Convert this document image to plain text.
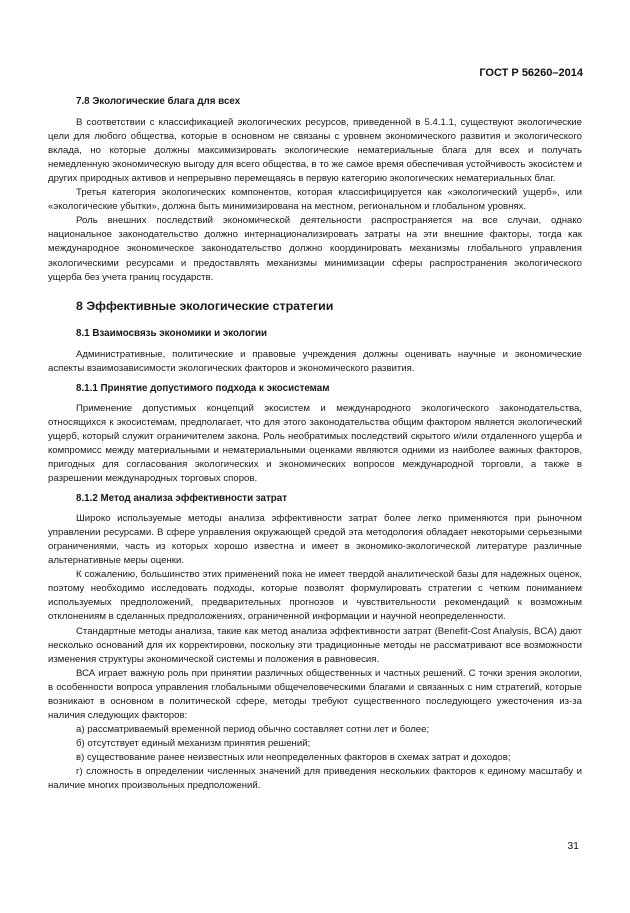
ГОСТ Р 56260–2014

7.8 Экологические блага для всех

В соответствии с классификацией экологических ресурсов, приведенной в 5.4.1.1, существуют экологические цели для любого общества, которые в основном не связаны с уровнем экономического развития и экологического вклада, но которые должны максимизировать экологические нематериальные блага для всех и получать немедленную экономическую выгоду для всего общества, в то же самое время обеспечивая устойчивость экосистем и других природных активов и непрерывно перемещаясь в первую категорию экологических нематериальных благ.

Третья категория экологических компонентов, которая классифицируется как «экологический ущерб», или «экологические убытки», должна быть минимизирована на местном, региональном и глобальном уровнях.

Роль внешних последствий экономической деятельности распространяется на все случаи, однако национальное законодательство должно интернационализировать затраты на эти внешние факторы, тогда как международное экономическое законодательство должно координировать механизмы глобального управления экологическими ресурсами и предоставлять механизмы минимизации сферы распространения экологического ущерба без учета границ государств.

8 Эффективные экологические стратегии

8.1 Взаимосвязь экономики и экологии

Административные, политические и правовые учреждения должны оценивать научные и экономические аспекты взаимозависимости экологических факторов и экономического развития.

8.1.1 Принятие допустимого подхода к экосистемам

Применение допустимых концепций экосистем и международного экологического законодательства, относящихся к экосистемам, предполагает, что для этого законодательства общим фактором является экологический ущерб, который служит ограничителем закона. Роль необратимых последствий скрытого и/или отдаленного ущерба и компромисс между материальными и нематериальными оценками являются одними из наиболее важных факторов, пригодных для согласования экологических и экономических вопросов международной торговли, а также в разрешении международных торговых споров.

8.1.2 Метод анализа эффективности затрат

Широко используемые методы анализа эффективности затрат более легко применяются при рыночном управлении ресурсами. В сфере управления окружающей средой эта методология обладает некоторыми серьезными ограничениями, часть из которых хорошо известна и имеет в экономико-экологической литературе различные альтернативные меры оценки.

К сожалению, большинство этих применений пока не имеет твердой аналитической базы для надежных оценок, поэтому необходимо исследовать подходы, которые позволят формулировать стратегии с четким пониманием используемых предположений, предварительных прогнозов и чувствительности рекомендаций к возможным отклонениям в сделанных предположениях, ограниченной информации и научной неопределенности.

Стандартные методы анализа, такие как метод анализа эффективности затрат (Benefit-Cost Analysis, BCA) дают несколько оснований для их корректировки, поскольку эти традиционные методы не рассматривают все возможности изменения структуры экономической системы и положения в равновесия.

ВСА играет важную роль при принятии различных общественных и частных решений. С точки зрения экологии, в особенности вопроса управления глобальными общечеловеческими благами и связанных с ним стратегий, которые возникают в основном в политической сфере, методы требуют существенного последующего ужесточения из-за наличия следующих факторов:

а) рассматриваемый временной период обычно составляет сотни лет и более;

б) отсутствует единый механизм принятия решений;

в) существование ранее неизвестных или неопределенных факторов в схемах затрат и доходов;

г) сложность в определении численных значений для приведения нескольких факторов к единому масштабу и наличие многих произвольных предположений.

31
